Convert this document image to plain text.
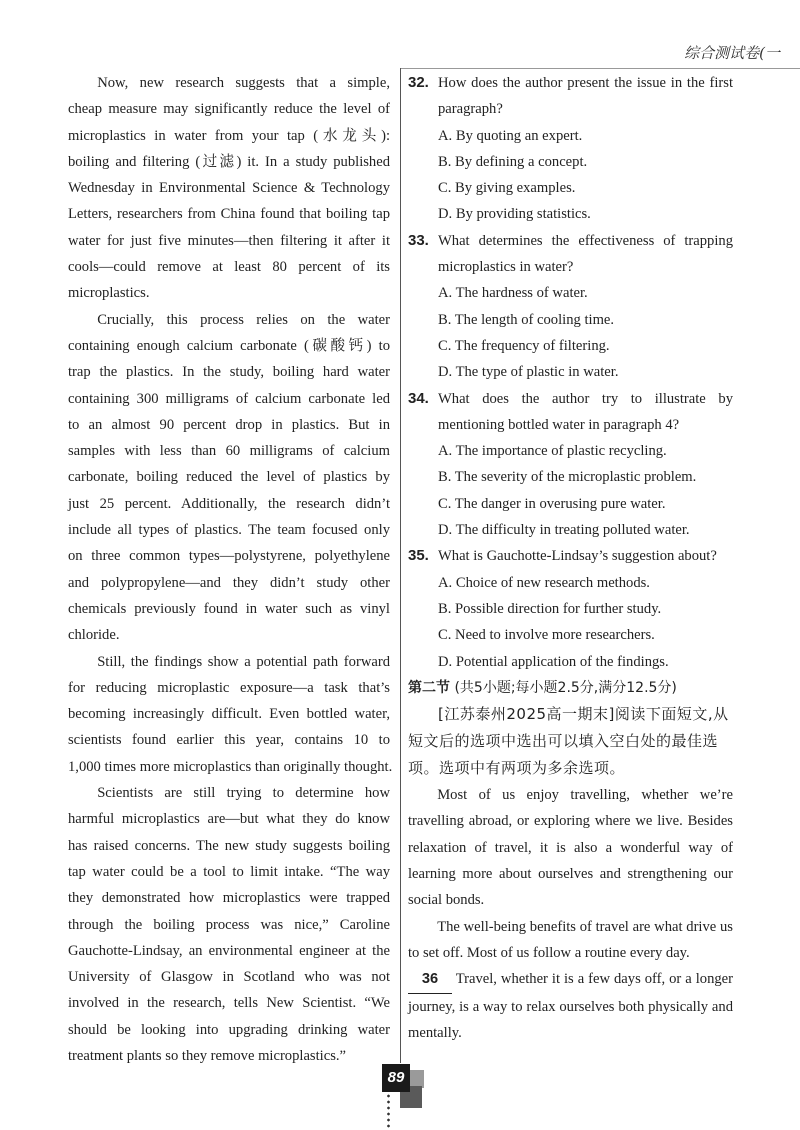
综合测试卷(一

Now, new research suggests that a simple,
cheap measure may significantly reduce the level of
microplastics in water from your tap (水龙头):
boiling and filtering (过滤) it. In a study published
Wednesday in Environmental Science & Technology
Letters, researchers from China found that boiling tap
water for just five minutes—then filtering it after it
cools—could remove at least 80 percent of its
microplastics.

Crucially, this process relies on the water
containing enough calcium carbonate (碳酸钙) to
trap the plastics. In the study, boiling hard water
containing 300 milligrams of calcium carbonate led
to an almost 90 percent drop in plastics. But in
samples with less than 60 milligrams of calcium
carbonate, boiling reduced the level of plastics by
just 25 percent. Additionally, the research didn’t
include all types of plastics. The team focused only
on three common types—polystyrene, polyethylene
and polypropylene—and they didn’t study other
chemicals previously found in water such as vinyl
chloride.

Still, the findings show a potential path forward
for reducing microplastic exposure—a task that’s
becoming increasingly difficult. Even bottled water,
scientists found earlier this year, contains 10 to
1,000 times more microplastics than originally thought.

Scientists are still trying to determine how
harmful microplastics are—but what they do know
has raised concerns. The new study suggests boiling
tap water could be a tool to limit intake. “The way
they demonstrated how microplastics were trapped
through the boiling process was nice,” Caroline
Gauchotte-Lindsay, an environmental engineer at the
University of Glasgow in Scotland who was not
involved in the research, tells New Scientist. “We
should be looking into upgrading drinking water
treatment plants so they remove microplastics.”

32. How does the author present the issue in the first
paragraph?
A. By quoting an expert.
B. By defining a concept.
C. By giving examples.
D. By providing statistics.
33. What determines the effectiveness of trapping
microplastics in water?
A. The hardness of water.
B. The length of cooling time.
C. The frequency of filtering.
D. The type of plastic in water.
34. What does the author try to illustrate by
mentioning bottled water in paragraph 4?
A. The importance of plastic recycling.
B. The severity of the microplastic problem.
C. The danger in overusing pure water.
D. The difficulty in treating polluted water.
35. What is Gauchotte-Lindsay’s suggestion about?
A. Choice of new research methods.
B. Possible direction for further study.
C. Need to involve more researchers.
D. Potential application of the findings.
第二节 (共5小题;每小题2.5分,满分12.5分)

[江苏泰州2025高一期末]阅读下面短文,从短文后的选项中选出可以填入空白处的最佳选项。选项中有两项为多余选项。

Most of us enjoy travelling, whether we’re travelling abroad, or exploring where we live. Besides relaxation of travel, it is also a wonderful way of learning more about ourselves and strengthening our social bonds.

The well-being benefits of travel are what drive us to set off. Most of us follow a routine every day.

36 Travel, whether it is a few days off, or a longer journey, is a way to relax ourselves both physically and mentally.

89
